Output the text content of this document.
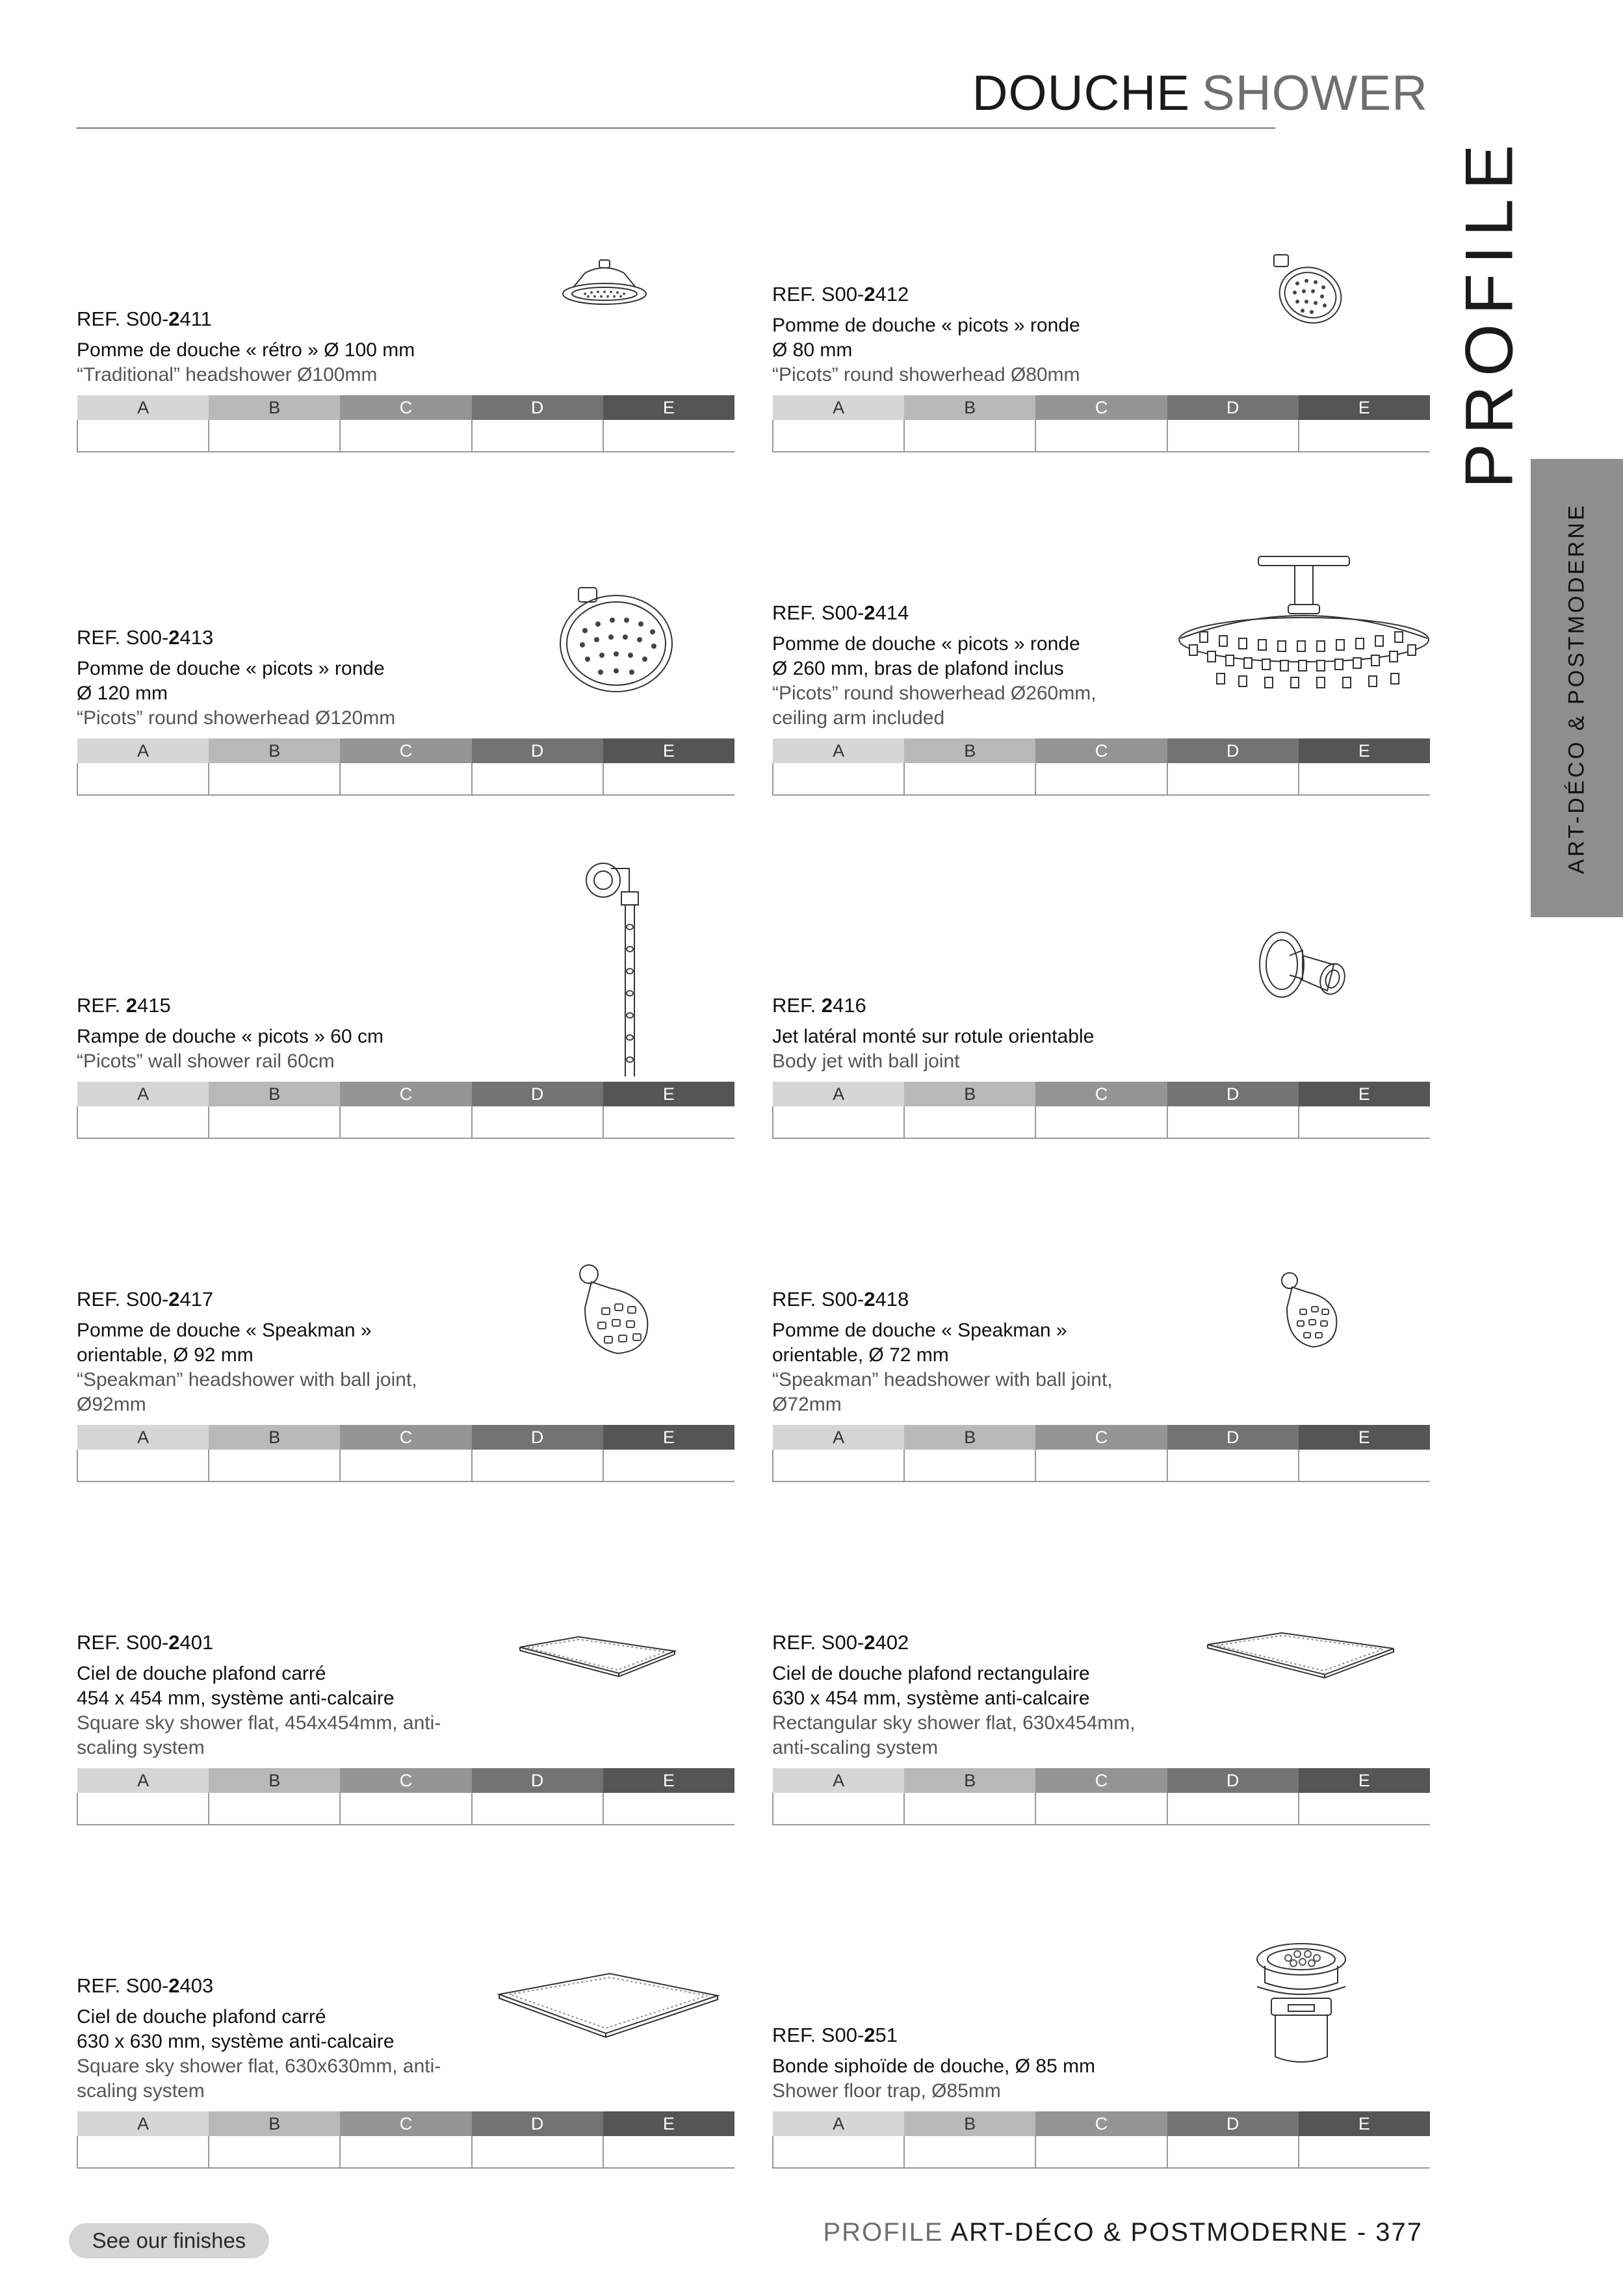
DOUCHE SHOWER
PROFILE
ART-DÉCO & POSTMODERNE
REF. S00-2411
Pomme de douche « rétro » Ø 100 mm
“Traditional” headshower Ø100mm
A	B	C	D	E

REF. S00-2412
Pomme de douche « picots » ronde
Ø 80 mm
“Picots” round showerhead Ø80mm
A	B	C	D	E

REF. S00-2413
Pomme de douche « picots » ronde
Ø 120 mm
“Picots” round showerhead Ø120mm
A	B	C	D	E

REF. S00-2414
Pomme de douche « picots » ronde
Ø 260 mm, bras de plafond inclus
“Picots” round showerhead Ø260mm,
ceiling arm included
A	B	C	D	E

REF. 2415
Rampe de douche « picots » 60 cm
“Picots” wall shower rail 60cm
A	B	C	D	E

REF. 2416
Jet latéral monté sur rotule orientable
Body jet with ball joint
A	B	C	D	E

REF. S00-2417
Pomme de douche « Speakman »
orientable, Ø 92 mm
“Speakman” headshower with ball joint,
Ø92mm
A	B	C	D	E

REF. S00-2418
Pomme de douche « Speakman »
orientable, Ø 72 mm
“Speakman” headshower with ball joint,
Ø72mm
A	B	C	D	E

REF. S00-2401
Ciel de douche plafond carré
454 x 454 mm, système anti-calcaire
Square sky shower flat, 454x454mm, anti-
scaling system
A	B	C	D	E

REF. S00-2402
Ciel de douche plafond rectangulaire
630 x 454 mm, système anti-calcaire
Rectangular sky shower flat, 630x454mm,
anti-scaling system
A	B	C	D	E

REF. S00-2403
Ciel de douche plafond carré
630 x 630 mm, système anti-calcaire
Square sky shower flat, 630x630mm, anti-
scaling system
A	B	C	D	E

REF. S00-251
Bonde siphoïde de douche, Ø 85 mm
Shower floor trap, Ø85mm
A	B	C	D	E

See our finishes	PROFILE ART-DÉCO & POSTMODERNE - 377
